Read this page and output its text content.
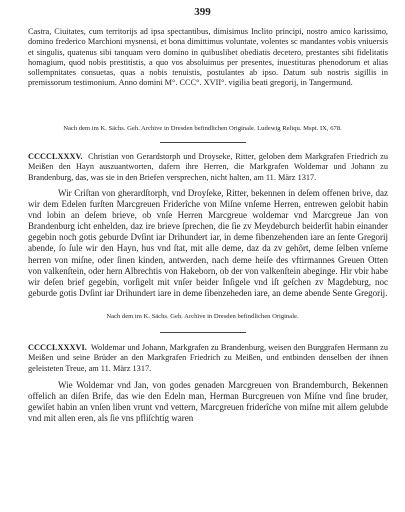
399

Castra, Ciuitates, cum territorijs ad ipsa spectantibus, dimisimus Inclito principi, nostro amico karissimo, domino frederico Marchioni mysnensi, et bona dimittimus voluntate, volentes sc mandantes vobis vniuersis et singulis, quatenus sibi tanquam vero domino in quibuslibet obediatis decetero, prestantes sibi fidelitatis homagium, quod nobis prestitistis, a quo vos absoluimus per presentes, inuestituras phenodorum et alias sollempnitates consuetas, quas a nobis tenuistis, postulantes ab ipso. Datum sub nostris sigillis in premissorum testimonium. Anno domini M°. CCC°. XVII°. vigilia beati gregorij, in Tangermund.

Nach dem im K. Sächs. Geh. Archive in Dresden befindlichen Originale. Ludewig Reliqu. Mspt. IX, 678.

CCCCLXXXV. Christian von Gerardstorph und Droyseke, Ritter, geloben dem Markgrafen Friedrich zu Meißen den Hayn auszuantworten, dafern ihre Herren, die Markgrafen Woldemar und Johann zu Brandenburg, das, was sie in den Briefen versprechen, nicht halten, am 11. März 1317.

Wir Criſtan von gherardſtorph, vnd Droyſeke, Ritter, bekennen in deſem offenen brive, daz wir dem Edelen furſten Marcgreuen Friderîche von Miſne vnſeme Herren, entrewen gelobit habin vnd lobin an deſem brieve, ob vnſe Herren Marcgreue woldemar vnd Marcgreue Jan von Brandenburg icht enhelden, daz ire brieve ſprechen, die ſie zv Meydeburch beiderſit habin einander gegebin noch gotis geburde Dvſint iar Drihundert iar, in deme fibenzehenden iare an ſente Gregorij abende, ſo ſule wir den Hayn, hus vnd ſtat, mit alle deme, daz da zv gehôrt, deme ſelben vnſeme herren von miſne, oder ſinen kinden, antwerden, nach deme heiſe des vftirmannes Greuen Otten von valkenſtein, oder hern Albrechtis von Hakeborn, ob der von valkenſtein abeginge. Hir vbir habe wir deſen brief gegebin, vorſigelt mit vnſer beider Inſigele vnd iſt geſchen zv Magdeburg, noc geburde gotis Dvſint iar Drihundert iare in deme ſibenzeheden iare, an deme abende Sente Gregorij.

Nach dem im K. Sächs. Geh. Archive in Dresden befindlichen Originale.

CCCCLXXXVI. Woldemar und Johann, Markgrafen zu Brandenburg, weisen den Burggrafen Hermann zu Meißen und seine Brüder an den Markgrafen Friedrich zu Meißen, und entbinden denselben der ihnen geleisteten Treue, am 11. März 1317.

Wie Woldemar vnd Jan, von godes genaden Marcgreuen von Brandemburch, Bekennen offelich an diſen Brife, das wie den Edeln man, Herman Burcgreuen von Miſne vnd ſine bruder, gewiſet habin an vnſen liben vrunt vnd vettern, Marcgreuen friderîche von miſne mit allem gelubde vnd mit allen eren, als ſie vns pfliſchtig waren
